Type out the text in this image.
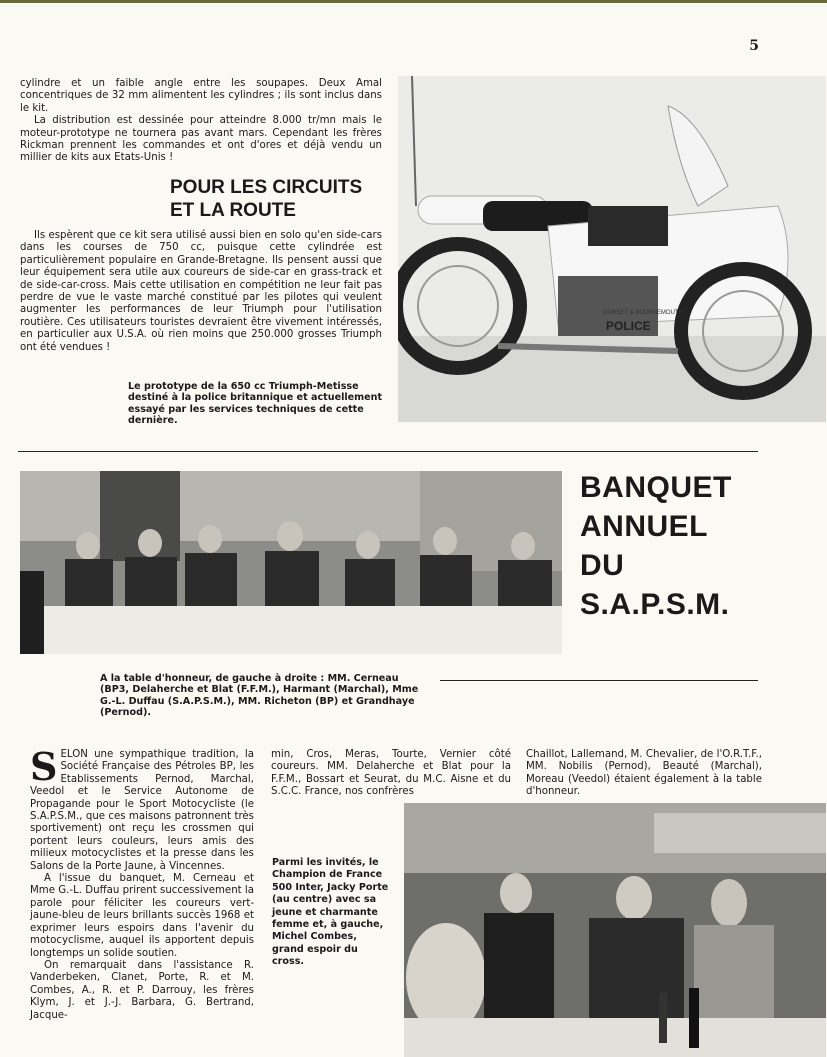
5

cylindre et un faible angle entre les soupapes. Deux Amal concentriques de 32 mm alimentent les cylindres ; ils sont inclus dans le kit.

La distribution est dessinée pour atteindre 8.000 tr/mn mais le moteur-prototype ne tournera pas avant mars. Cependant les frères Rickman prennent les commandes et ont d'ores et déjà vendu un millier de kits aux Etats-Unis !

POUR LES CIRCUITS
ET LA ROUTE
Ils espèrent que ce kit sera utilisé aussi bien en solo qu'en side-cars dans les courses de 750 cc, puisque cette cylindrée est particulièrement populaire en Grande-Bretagne. Ils pensent aussi que leur équipement sera utile aux coureurs de side-car en grass-track et de side-car-cross. Mais cette utilisation en compétition ne leur fait pas perdre de vue le vaste marché constitué par les pilotes qui veulent augmenter les performances de leur Triumph pour l'utilisation routière. Ces utilisateurs touristes devraient être vivement intéressés, en particulier aux U.S.A. où rien moins que 250.000 grosses Triumph ont été vendues !
Le prototype de la 650 cc Triumph-Metisse destiné à la police britannique et actuellement essayé par les services techniques de cette dernière.
DORSET & BOURNEMOUTH
POLICE
BANQUET
ANNUEL
DU
S.A.P.S.M.
A la table d'honneur, de gauche à droite : MM. Cerneau (BP3, Delaherche et Blat (F.F.M.), Harmant (Marchal), Mme G.-L. Duffau (S.A.P.S.M.), MM. Richeton (BP) et Grandhaye (Pernod).

SELON une sympathique tradition, la Société Française des Pétroles BP, les Etablissements Pernod, Marchal, Veedol et le Service Autonome de Propagande pour le Sport Motocycliste (le S.A.P.S.M., que ces maisons patronnent très sportivement) ont reçu les crossmen qui portent leurs couleurs, leurs amis des milieux motocyclistes et la presse dans les Salons de la Porte Jaune, à Vincennes.

A l'issue du banquet, M. Cerneau et Mme G.-L. Duffau prirent successivement la parole pour féliciter les coureurs vert-jaune-bleu de leurs brillants succès 1968 et exprimer leurs espoirs dans l'avenir du motocyclisme, auquel ils apportent depuis longtemps un solide soutien.

On remarquait dans l'assistance R. Vanderbeken, Clanet, Porte, R. et M. Combes, A., R. et P. Darrouy, les frères Klym, J. et J.-J. Barbara, G. Bertrand, Jacque-

min, Cros, Meras, Tourte, Vernier côté coureurs. MM. Delaherche et Blat pour la F.F.M., Bossart et Seurat, du M.C. Aisne et du S.C.C. France, nos confrères
Chaillot, Lallemand, M. Chevalier, de l'O.R.T.F., MM. Nobilis (Pernod), Beauté (Marchal), Moreau (Veedol) étaient également à la table d'honneur.
Parmi les invités, le Champion de France 500 Inter, Jacky Porte (au centre) avec sa jeune et charmante femme et, à gauche, Michel Combes, grand espoir du cross.
